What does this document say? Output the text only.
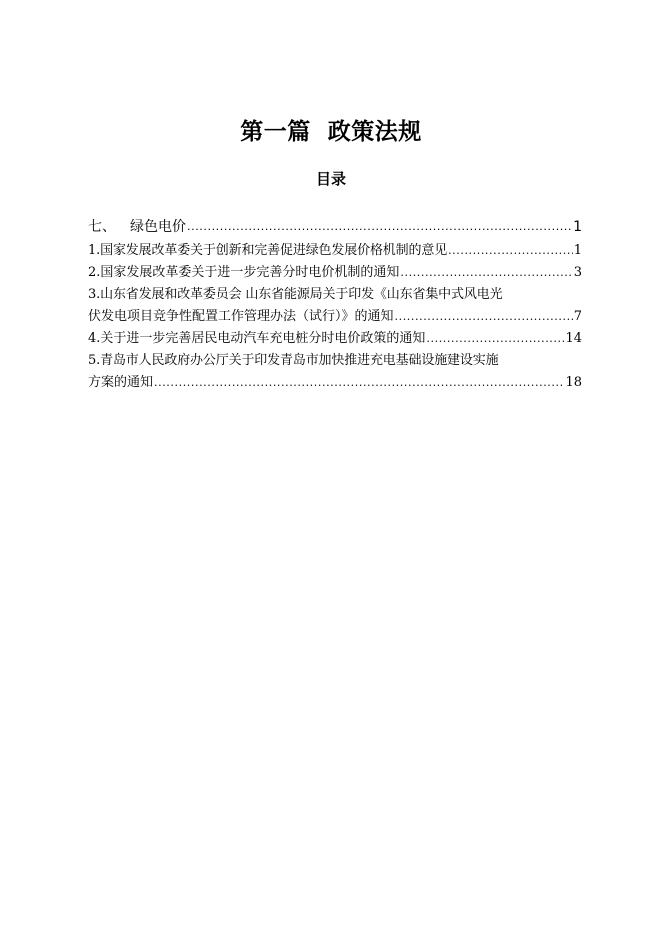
第一篇  政策法规
目录
七、 绿色电价 .....	1
1.国家发展改革委关于创新和完善促进绿色发展价格机制的意见 .....	1
2.国家发展改革委关于进一步完善分时电价机制的通知 .....	3
3.山东省发展和改革委员会 山东省能源局关于印发《山东省集中式风电光
伏发电项目竞争性配置工作管理办法（试行）》的通知 .....	7
4.关于进一步完善居民电动汽车充电桩分时电价政策的通知 .....	14
5.青岛市人民政府办公厅关于印发青岛市加快推进充电基础设施建设实施
方案的通知 .....	18
